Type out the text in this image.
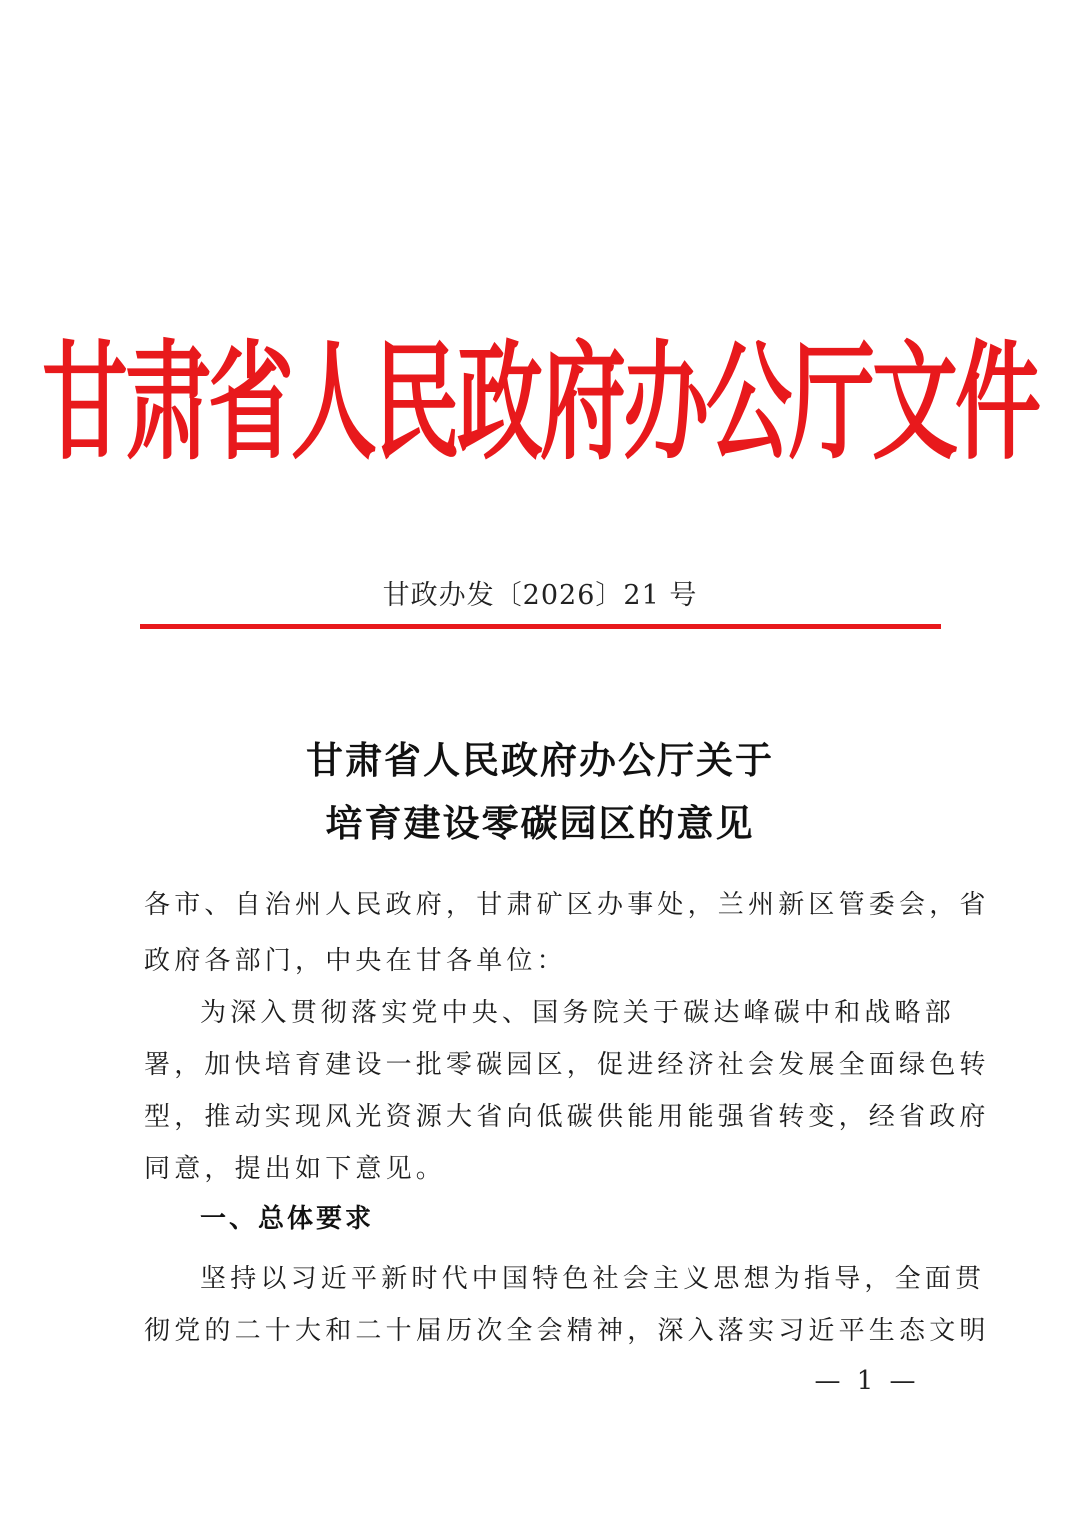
甘肃省人民政府办公厅文件
甘政办发〔2026〕21 号
甘肃省人民政府办公厅关于
培育建设零碳园区的意见
各市、自治州人民政府，甘肃矿区办事处，兰州新区管委会，省
政府各部门，中央在甘各单位：
为深入贯彻落实党中央、国务院关于碳达峰碳中和战略部
署，加快培育建设一批零碳园区，促进经济社会发展全面绿色转
型，推动实现风光资源大省向低碳供能用能强省转变，经省政府
同意，提出如下意见。
一、总体要求
坚持以习近平新时代中国特色社会主义思想为指导，全面贯
彻党的二十大和二十届历次全会精神，深入落实习近平生态文明
— 1 —
